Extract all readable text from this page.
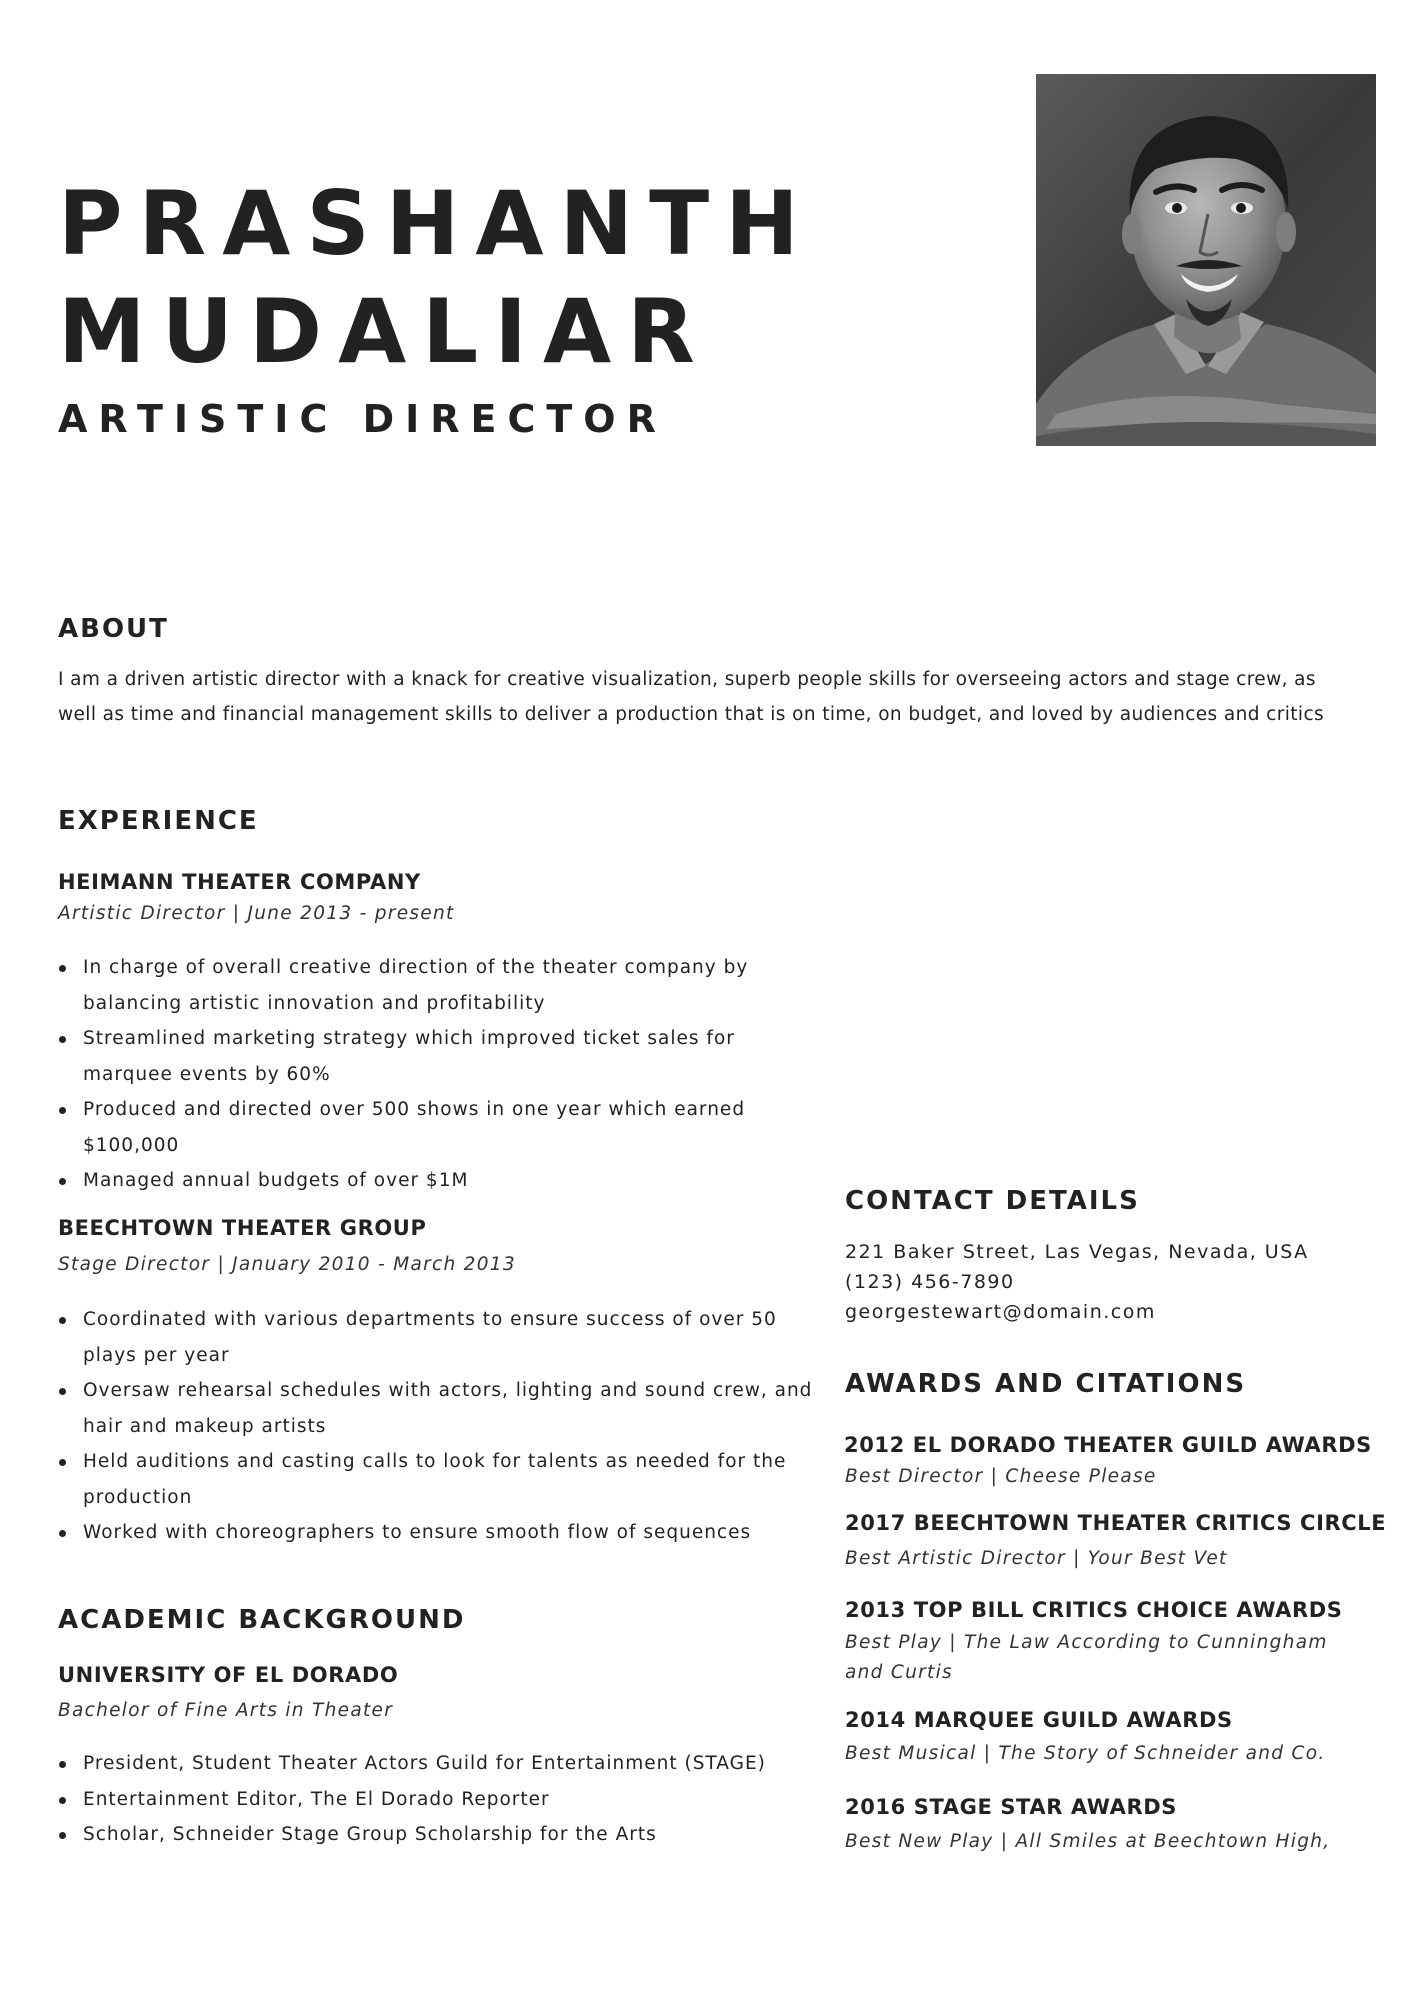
PRASHANTH
MUDALIAR
ARTISTIC DIRECTOR
ABOUT
I am a driven artistic director with a knack for creative visualization, superb people skills for overseeing actors and stage crew, as well as time and financial management skills to deliver a production that is on time, on budget, and loved by audiences and critics
EXPERIENCE
HEIMANN THEATER COMPANY
Artistic Director | June 2013 - present
In charge of overall creative direction of the theater company by balancing artistic innovation and profitability
Streamlined marketing strategy which improved ticket sales for marquee events by 60%
Produced and directed over 500 shows in one year which earned $100,000
Managed annual budgets of over $1M
BEECHTOWN THEATER GROUP
Stage Director | January 2010 - March 2013
Coordinated with various departments to ensure success of over 50 plays per year
Oversaw rehearsal schedules with actors, lighting and sound crew, and hair and makeup artists
Held auditions and casting calls to look for talents as needed for the production
Worked with choreographers to ensure smooth flow of sequences
ACADEMIC BACKGROUND
UNIVERSITY OF EL DORADO
Bachelor of Fine Arts in Theater
President, Student Theater Actors Guild for Entertainment (STAGE)
Entertainment Editor, The El Dorado Reporter
Scholar, Schneider Stage Group Scholarship for the Arts
CONTACT DETAILS
221 Baker Street, Las Vegas, Nevada, USA
(123) 456-7890
georgestewart@domain.com
AWARDS AND CITATIONS
2012 EL DORADO THEATER GUILD AWARDS
Best Director | Cheese Please
2017 BEECHTOWN THEATER CRITICS CIRCLE
Best Artistic Director | Your Best Vet
2013 TOP BILL CRITICS CHOICE AWARDS
Best Play | The Law According to Cunningham and Curtis
2014 MARQUEE GUILD AWARDS
Best Musical | The Story of Schneider and Co.
2016 STAGE STAR AWARDS
Best New Play | All Smiles at Beechtown High,
